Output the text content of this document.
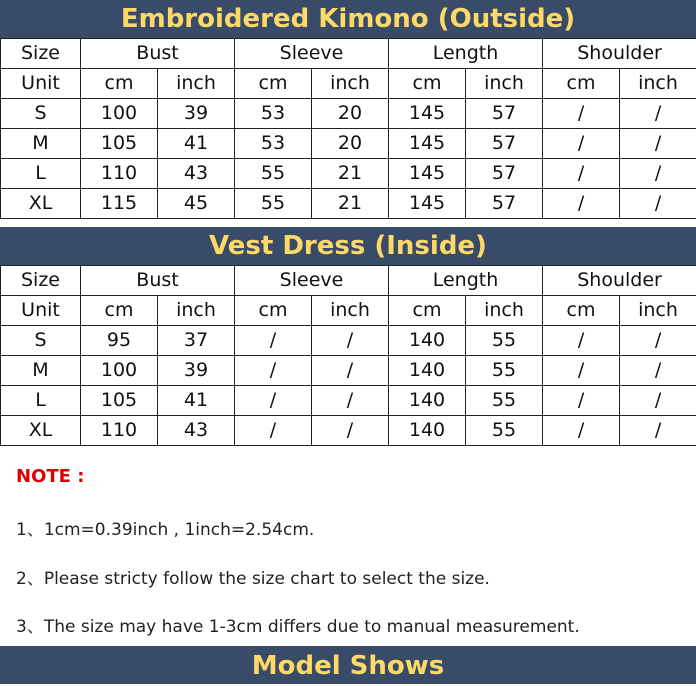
Embroidered Kimono (Outside)
Size	Bust		Sleeve		Length		Shoulder	
Unit	cm	inch	cm	inch	cm	inch	cm	inch
S	100	39	53	20	145	57	/	/
M	105	41	53	20	145	57	/	/
L	110	43	55	21	145	57	/	/
XL	115	45	55	21	145	57	/	/
Vest Dress (Inside)
Size	Bust		Sleeve		Length		Shoulder	
Unit	cm	inch	cm	inch	cm	inch	cm	inch
S	95	37	/	/	140	55	/	/
M	100	39	/	/	140	55	/	/
L	105	41	/	/	140	55	/	/
XL	110	43	/	/	140	55	/	/
NOTE :
1、1cm=0.39inch , 1inch=2.54cm.
2、Please stricty follow the size chart to select the size.
3、The size may have 1-3cm differs due to manual measurement.
Model Shows
